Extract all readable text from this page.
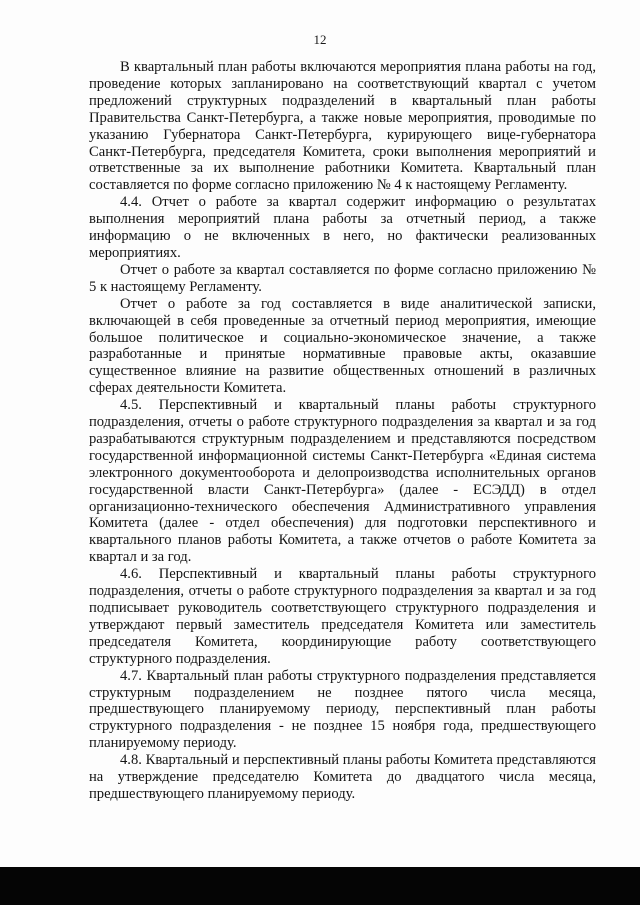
12

В квартальный план работы включаются мероприятия плана работы на год, проведение которых запланировано на соответствующий квартал с учетом предложений структурных подразделений в квартальный план работы Правительства Санкт-Петербурга, а также новые мероприятия, проводимые по указанию Губернатора Санкт-Петербурга, курирующего вице-губернатора Санкт-Петербурга, председателя Комитета, сроки выполнения мероприятий и ответственные за их выполнение работники Комитета. Квартальный план составляется по форме согласно приложению № 4 к настоящему Регламенту.

4.4. Отчет о работе за квартал содержит информацию о результатах выполнения мероприятий плана работы за отчетный период, а также информацию о не включенных в него, но фактически реализованных мероприятиях.

Отчет о работе за квартал составляется по форме согласно приложению № 5 к настоящему Регламенту.

Отчет о работе за год составляется в виде аналитической записки, включающей в себя проведенные за отчетный период мероприятия, имеющие большое политическое и социально-экономическое значение, а также разработанные и принятые нормативные правовые акты, оказавшие существенное влияние на развитие общественных отношений в различных сферах деятельности Комитета.

4.5. Перспективный и квартальный планы работы структурного подразделения, отчеты о работе структурного подразделения за квартал и за год разрабатываются структурным подразделением и представляются посредством государственной информационной системы Санкт-Петербурга «Единая система электронного документооборота и делопроизводства исполнительных органов государственной власти Санкт-Петербурга» (далее - ЕСЭДД) в отдел организационно-технического обеспечения Административного управления Комитета (далее - отдел обеспечения) для подготовки перспективного и квартального планов работы Комитета, а также отчетов о работе Комитета за квартал и за год.

4.6. Перспективный и квартальный планы работы структурного подразделения, отчеты о работе структурного подразделения за квартал и за год подписывает руководитель соответствующего структурного подразделения и утверждают первый заместитель председателя Комитета или заместитель председателя Комитета, координирующие работу соответствующего структурного подразделения.

4.7. Квартальный план работы структурного подразделения представляется структурным подразделением не позднее пятого числа месяца, предшествующего планируемому периоду, перспективный план работы структурного подразделения - не позднее 15 ноября года, предшествующего планируемому периоду.

4.8. Квартальный и перспективный планы работы Комитета представляются на утверждение председателю Комитета до двадцатого числа месяца, предшествующего планируемому периоду.
